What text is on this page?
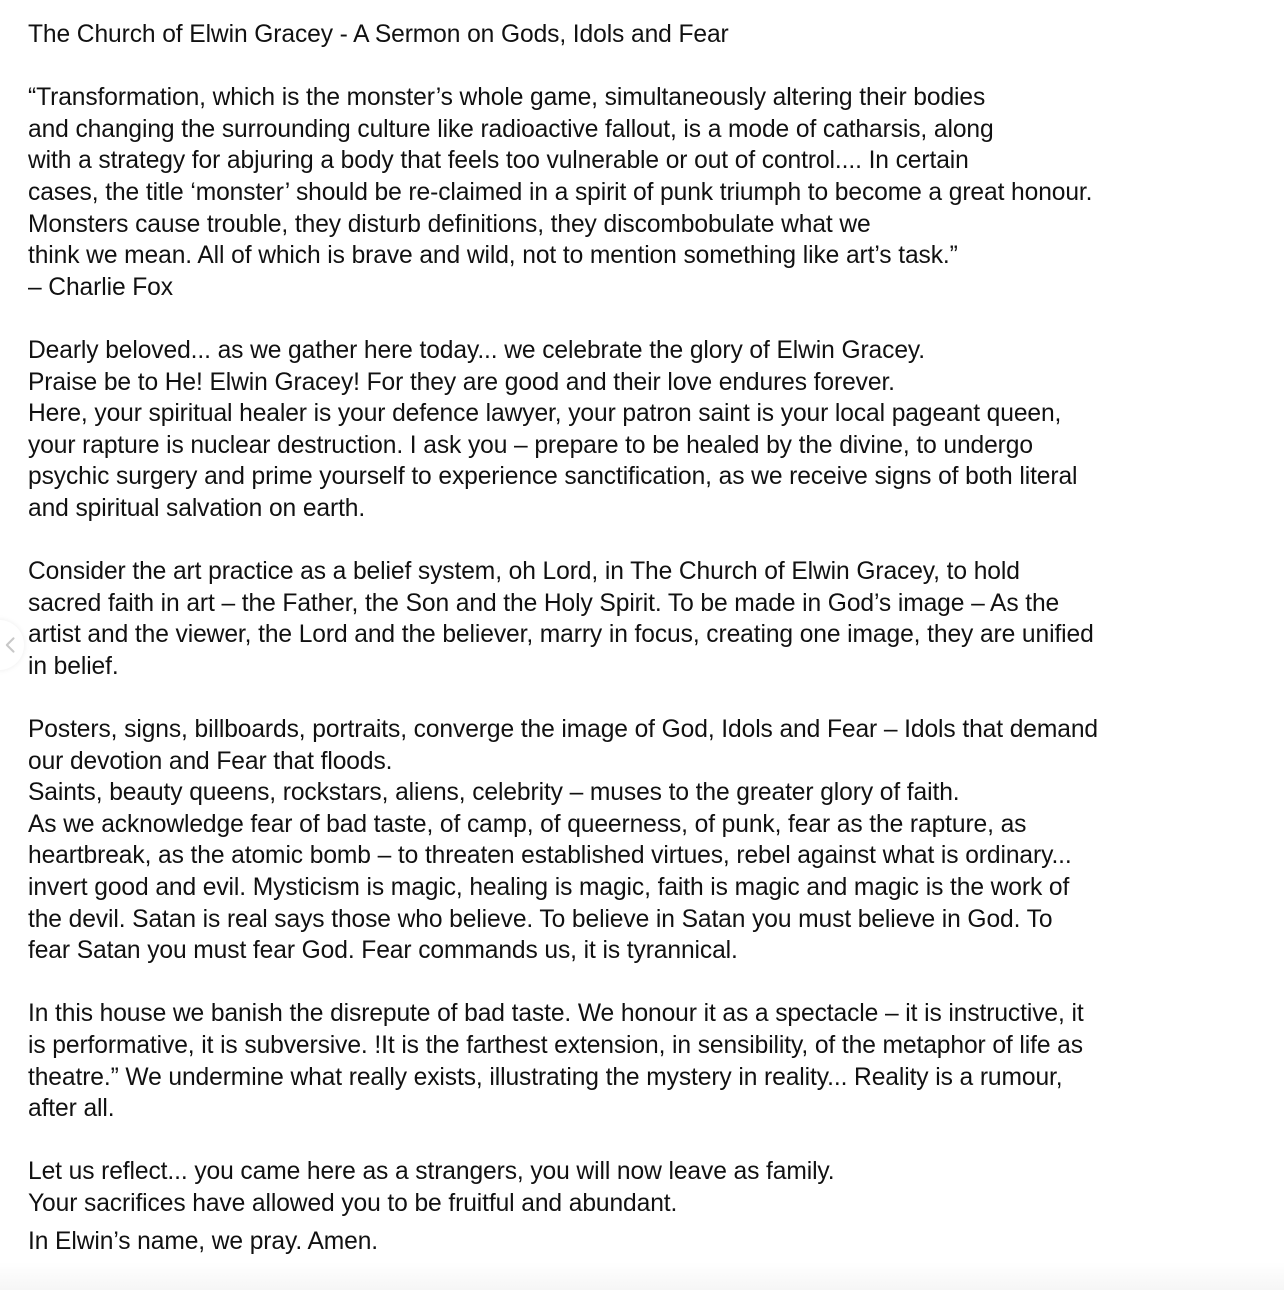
The Church of Elwin Gracey - A Sermon on Gods, Idols and Fear
“Transformation, which is the monster’s whole game, simultaneously altering their bodies
and changing the surrounding culture like radioactive fallout, is a mode of catharsis, along
with a strategy for abjuring a body that feels too vulnerable or out of control.... In certain
cases, the title ‘monster’ should be re-claimed in a spirit of punk triumph to become a great honour.
Monsters cause trouble, they disturb definitions, they discombobulate what we
think we mean. All of which is brave and wild, not to mention something like art’s task.”
– Charlie Fox
Dearly beloved... as we gather here today... we celebrate the glory of Elwin Gracey.
Praise be to He! Elwin Gracey! For they are good and their love endures forever.
Here, your spiritual healer is your defence lawyer, your patron saint is your local pageant queen,
your rapture is nuclear destruction. I ask you – prepare to be healed by the divine, to undergo
psychic surgery and prime yourself to experience sanctification, as we receive signs of both literal
and spiritual salvation on earth.
Consider the art practice as a belief system, oh Lord, in The Church of Elwin Gracey, to hold
sacred faith in art – the Father, the Son and the Holy Spirit. To be made in God’s image – As the
artist and the viewer, the Lord and the believer, marry in focus, creating one image, they are unified
in belief.
Posters, signs, billboards, portraits, converge the image of God, Idols and Fear – Idols that demand
our devotion and Fear that floods.
Saints, beauty queens, rockstars, aliens, celebrity – muses to the greater glory of faith.
As we acknowledge fear of bad taste, of camp, of queerness, of punk, fear as the rapture, as
heartbreak, as the atomic bomb – to threaten established virtues, rebel against what is ordinary...
invert good and evil. Mysticism is magic, healing is magic, faith is magic and magic is the work of
the devil. Satan is real says those who believe. To believe in Satan you must believe in God. To
fear Satan you must fear God. Fear commands us, it is tyrannical.
In this house we banish the disrepute of bad taste. We honour it as a spectacle – it is instructive, it
is performative, it is subversive. !It is the farthest extension, in sensibility, of the metaphor of life as
theatre.” We undermine what really exists, illustrating the mystery in reality... Reality is a rumour,
after all.
Let us reflect... you came here as a strangers, you will now leave as family.
Your sacrifices have allowed you to be fruitful and abundant.
In Elwin’s name, we pray. Amen.
